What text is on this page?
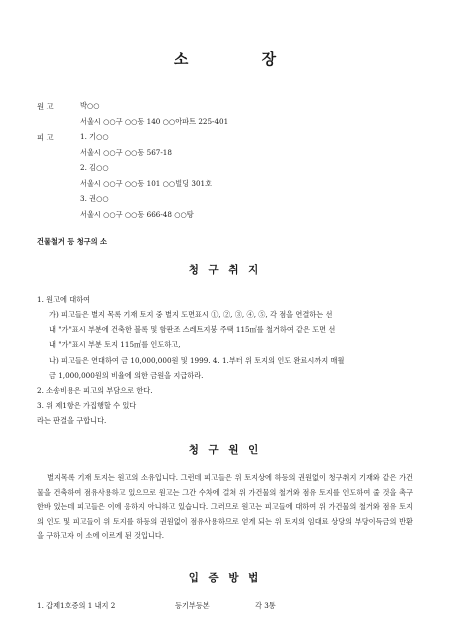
소 장
원 고	박○○
서울시 ○○구 ○○동 140 ○○아파트 225-401
피 고	1. 기○○
서울시 ○○구 ○○동 567-18
2. 김○○
서울시 ○○구 ○○동 101 ○○빌딩 301호
3. 권○○
서울시 ○○구 ○○동 666-48 ○○탕
건물철거 등 청구의 소
청 구 취 지
1. 원고에 대하여
가) 피고들은 별지 목록 기재 토지 중 별지 도면표시 ①, ②, ③, ④, ⑤, 각 점을 연결하는 선
내 "가"표시 부분에 건축한 블록 및 함판조 스레트지붕 주택 115㎡를 철거하여 같은 도면 선
내 "가"표시 부분 토지 115㎡를 인도하고,
나) 피고들은 연대하여 금 10,000,000원 및 1999. 4. 1.부터 위 토지의 인도 완료시까지 매월
금 1,000,000원의 비율에 의한 금원을 지급하라.
2. 소송비용은 피고의 부담으로 한다.
3. 위 제1항은 가집행할 수 있다
라는 판결을 구합니다.
청 구 원 인
별지목록 기재 토지는 원고의 소유입니다. 그런데 피고들은 위 토지상에 하등의 권원없이 청구취지 기재와 같은 가건물을 건축하여 점유사용하고 있으므로 원고는 그간 수차에 걸쳐 위 가건물의 철거와 점유 토지를 인도하여 줄 것을 촉구한바 있는데 피고들은 이에 응하지 아니하고 있습니다. 그러므로 원고는 피고들에 대하여 위 가건물의 철거와 점유 토지의 인도 및 피고들이 위 토지를 하등의 권원없이 점유사용하므로 얻게 되는 위 토지의 임대료 상당의 부당이득금의 반환을 구하고자 이 소에 이르게 된 것입니다.
입 증 방 법
1. 갑제1호증의 1 내지 2	등기부등본	각 3통
